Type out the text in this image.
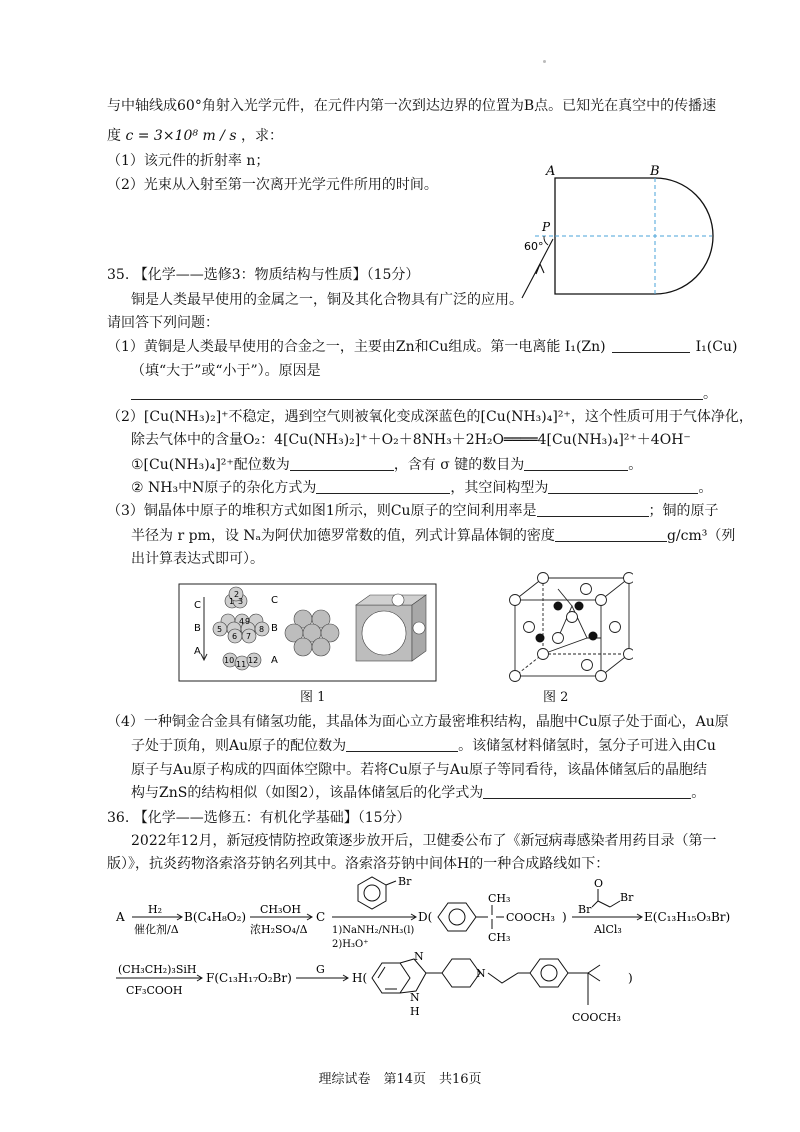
与中轴线成60°角射入光学元件，在元件内第一次到达边界的位置为B点。已知光在真空中的传播速
度 c = 3×10⁸ m / s ，求：
（1）该元件的折射率 n；
（2）光束从入射至第一次离开光学元件所用的时间。
A	B
P
60°
35. 【化学——选修3：物质结构与性质】（15分）
铜是人类最早使用的金属之一，铜及其化合物具有广泛的应用。
请回答下列问题：
（1）黄铜是人类最早使用的合金之一，主要由Zn和Cu组成。第一电离能 I₁(Zn)	I₁(Cu)
（填“大于”或“小于”）。原因是
。
（2）[Cu(NH₃)₂]⁺不稳定，遇到空气则被氧化变成深蓝色的[Cu(NH₃)₄]²⁺，这个性质可用于气体净化，
除去气体中的含量O₂：4[Cu(NH₃)₂]⁺＋O₂＋8NH₃＋2H₂O════4[Cu(NH₃)₄]²⁺＋4OH⁻
①[Cu(NH₃)₄]²⁺配位数为	，含有 σ 键的数目为	。
② NH₃中N原子的杂化方式为	，其空间构型为	。
（3）铜晶体中原子的堆积方式如图1所示，则Cu原子的空间利用率是	；铜的原子
半径为 r pm，设 Nₐ为阿伏加德罗常数的值，列式计算晶体铜的密度	g/cm³（列
出计算表达式即可）。
C
B
A
1
2
3
4
5
6 7
8
9
10 11 12
C
B
A
图 1	图 2
（4）一种铜金合金具有储氢功能，其晶体为面心立方最密堆积结构，晶胞中Cu原子处于面心，Au原
子处于顶角，则Au原子的配位数为	。该储氢材料储氢时，氢分子可进入由Cu
原子与Au原子构成的四面体空隙中。若将Cu原子与Au原子等同看待，该晶体储氢后的晶胞结
构与ZnS的结构相似（如图2），该晶体储氢后的化学式为	。
36. 【化学——选修五：有机化学基础】（15分）
2022年12月，新冠疫情防控政策逐步放开后，卫健委公布了《新冠病毒感染者用药目录（第一
版）》，抗炎药物洛索洛芬钠名列其中。洛索洛芬钠中间体H的一种合成路线如下：
A
H₂
催化剂/Δ
B(C₄H₈O₂)
CH₃OH
浓H₂SO₄/Δ
C
Br
1)NaNH₂/NH₃(l)
2)H₃O⁺
D(
CH₃
CH₃
COOCH₃ )
O
Br
Br
AlCl₃
E(C₁₃H₁₅O₃Br)
(CH₃CH₂)₃SiH
CF₃COOH
F(C₁₃H₁₇O₂Br)
G
H(
N
N
H
N
COOCH₃
)
理综试卷　第14页　共16页
